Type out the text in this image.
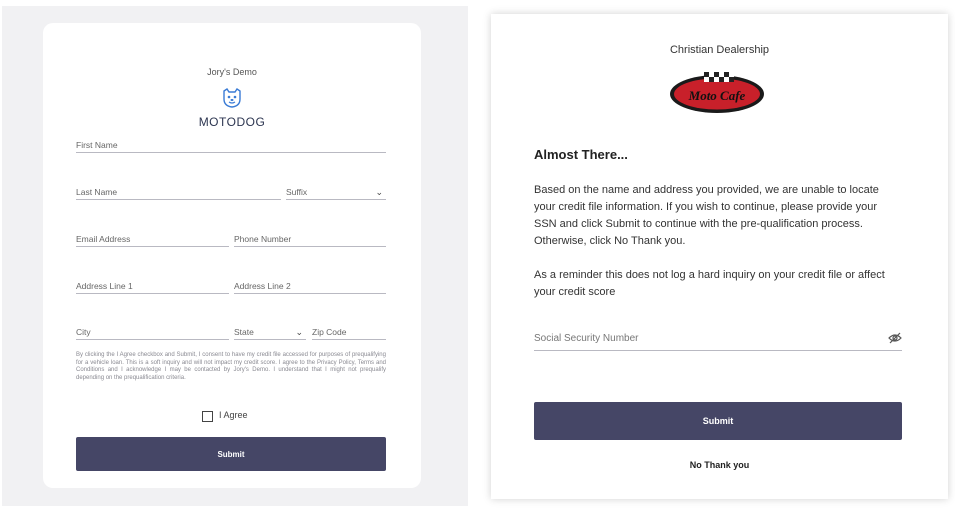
Jory's Demo
MOTODOG
First Name
Last Name	Suffix	⌄
Email Address	Phone Number
Address Line 1	Address Line 2
City	State	⌄ Zip Code
By clicking the I Agree checkbox and Submit, I consent to have my credit file accessed for purposes of prequalifying for a vehicle loan. This is a soft inquiry and will not impact my credit score. I agree to the Privacy Policy, Terms and Conditions and I acknowledge I may be contacted by Jory's Demo. I understand that I might not prequalify depending on the prequalification criteria.
I Agree
Submit
Christian Dealership
Moto Cafe
Almost There...
Based on the name and address you provided, we are unable to locate your credit file information. If you wish to continue, please provide your SSN and click Submit to continue with the pre-qualification process. Otherwise, click No Thank you.
As a reminder this does not log a hard inquiry on your credit file or affect your credit score
Social Security Number
Submit
No Thank you
